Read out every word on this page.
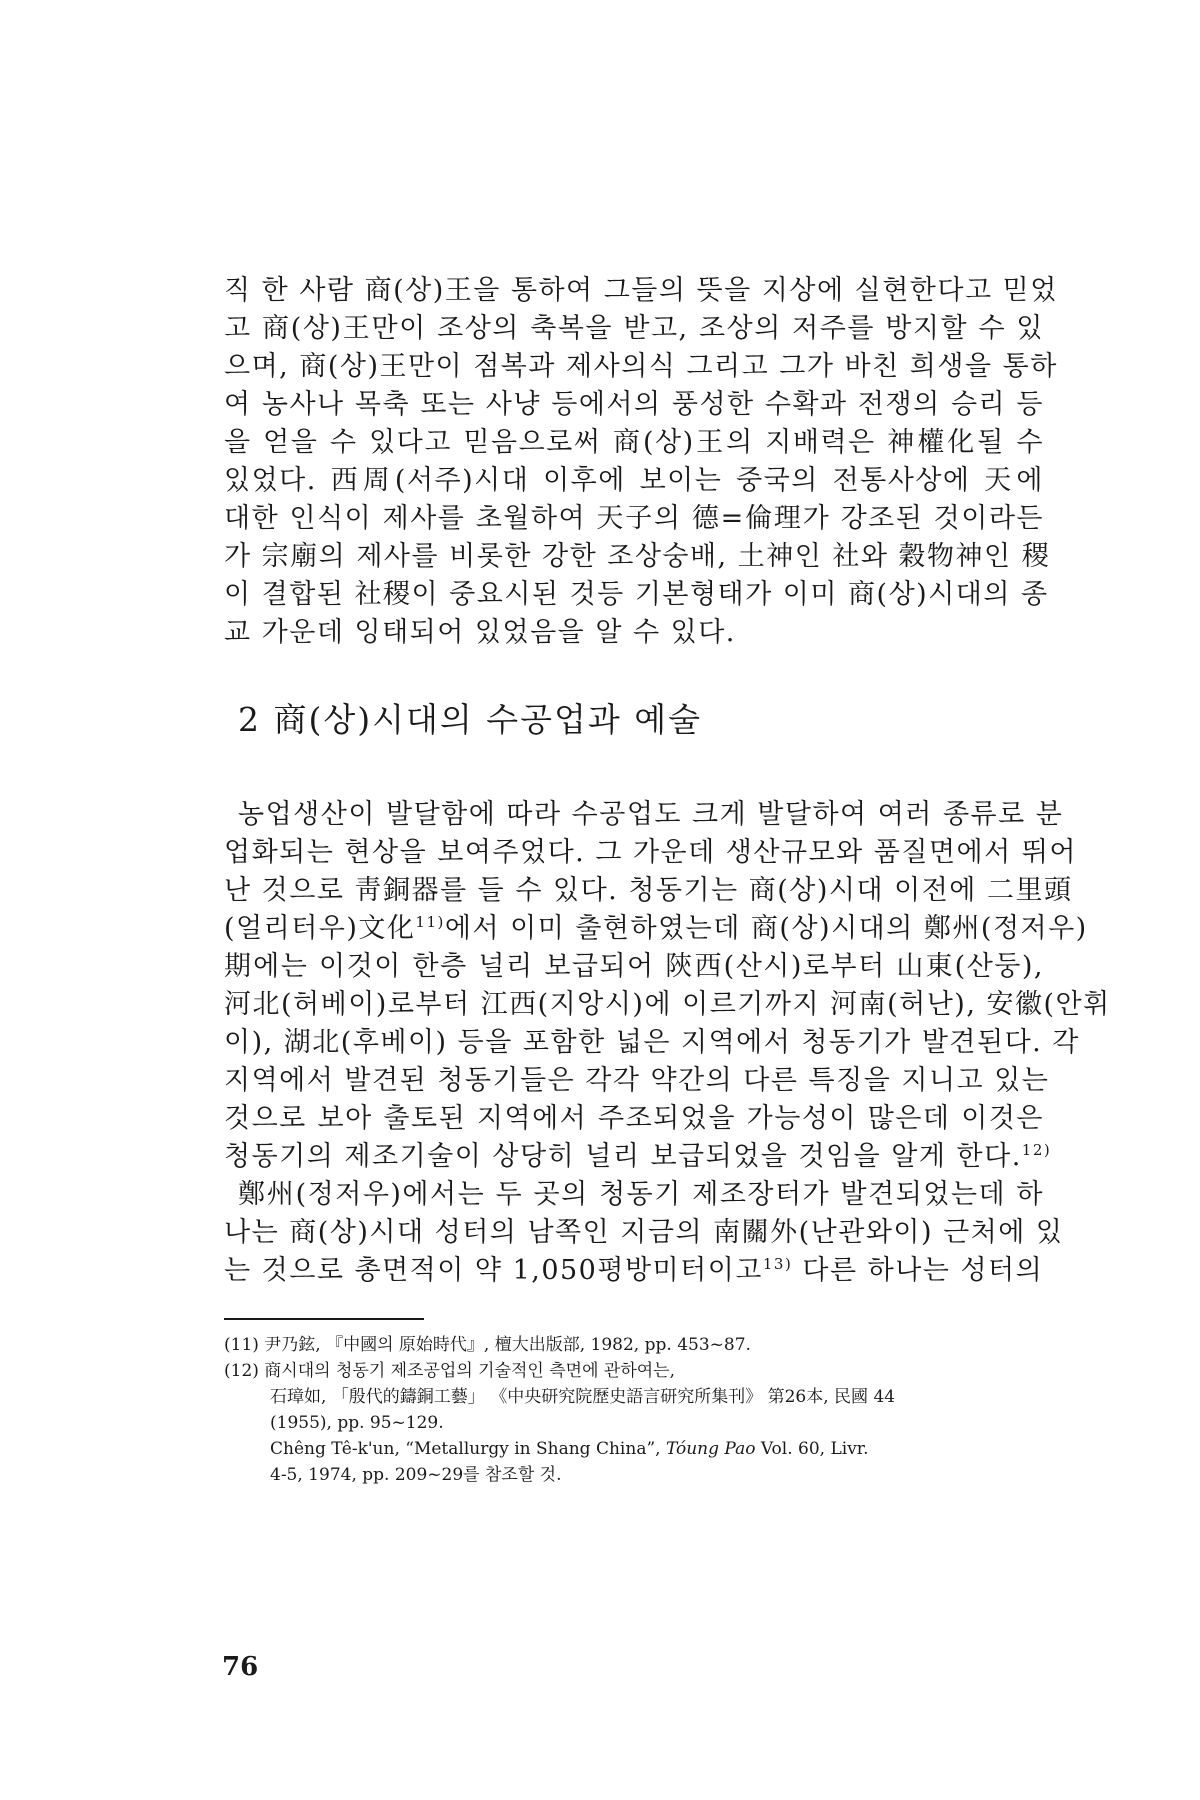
직 한 사람 商(상)王을 통하여 그들의 뜻을 지상에 실현한다고 믿었

고 商(상)王만이 조상의 축복을 받고, 조상의 저주를 방지할 수 있

으며, 商(상)王만이 점복과 제사의식 그리고 그가 바친 희생을 통하

여 농사나 목축 또는 사냥 등에서의 풍성한 수확과 전쟁의 승리 등

을 얻을 수 있다고 믿음으로써 商(상)王의 지배력은 神權化될 수

있었다. 西周(서주)시대 이후에 보이는 중국의 전통사상에 天에

대한 인식이 제사를 초월하여 天子의 德=倫理가 강조된 것이라든

가 宗廟의 제사를 비롯한 강한 조상숭배, 土神인 社와 穀物神인 稷

이 결합된 社稷이 중요시된 것등 기본형태가 이미 商(상)시대의 종

교 가운데 잉태되어 있었음을 알 수 있다.

2 商(상)시대의 수공업과 예술

농업생산이 발달함에 따라 수공업도 크게 발달하여 여러 종류로 분

업화되는 현상을 보여주었다. 그 가운데 생산규모와 품질면에서 뛰어

난 것으로 靑銅器를 들 수 있다. 청동기는 商(상)시대 이전에 二里頭

(얼리터우)文化$^{11)}$에서 이미 출현하였는데 商(상)시대의 鄭州(정저우)

期에는 이것이 한층 널리 보급되어 陝西(산시)로부터 山東(산둥),

河北(허베이)로부터 江西(지앙시)에 이르기까지 河南(허난), 安徽(안휘

이), 湖北(후베이) 등을 포함한 넓은 지역에서 청동기가 발견된다. 각

지역에서 발견된 청동기들은 각각 약간의 다른 특징을 지니고 있는

것으로 보아 출토된 지역에서 주조되었을 가능성이 많은데 이것은

청동기의 제조기술이 상당히 널리 보급되었을 것임을 알게 한다.$^{12)}$

鄭州(정저우)에서는 두 곳의 청동기 제조장터가 발견되었는데 하

나는 商(상)시대 성터의 남쪽인 지금의 南關外(난관와이) 근처에 있

는 것으로 총면적이 약 1,050평방미터이고$^{13)}$ 다른 하나는 성터의

(11) 尹乃鉉, 『中國의 原始時代』, 檀大出版部, 1982, pp. 453~87.

(12) 商시대의 청동기 제조공업의 기술적인 측면에 관하여는,

石璋如, 「殷代的鑄銅工藝」 《中央研究院歷史語言研究所集刊》 第26本, 民國 44

(1955), pp. 95~129.

Chêng Tê-k'un, “Metallurgy in Shang China”, Tóung Pao Vol. 60, Livr.

4-5, 1974, pp. 209~29를 참조할 것.

76
